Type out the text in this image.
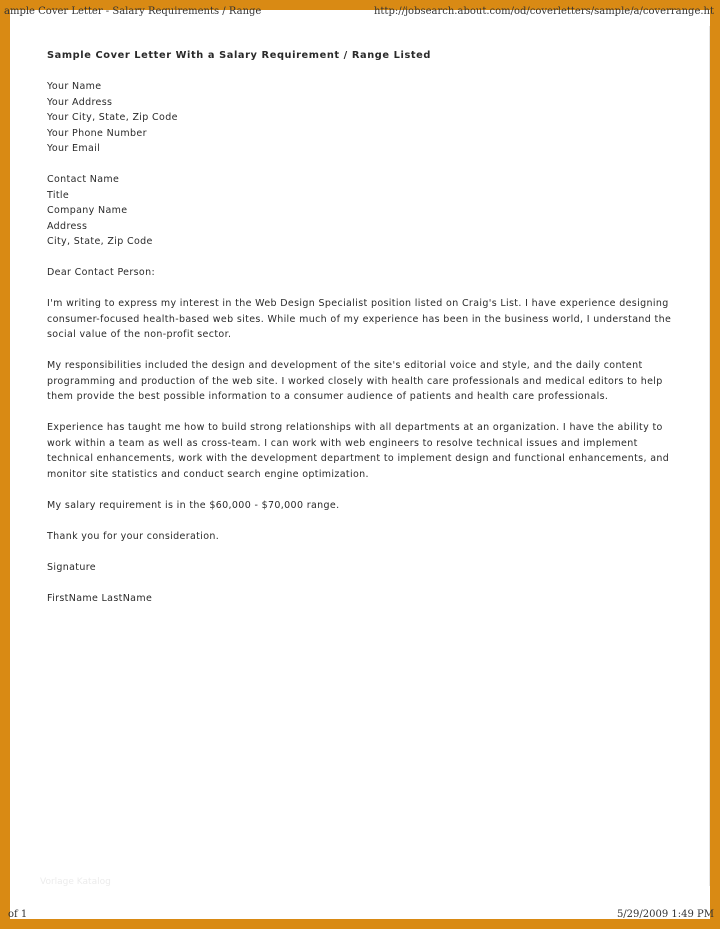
ample Cover Letter - Salary Requirements / Range	http://jobsearch.about.com/od/coverletters/sample/a/coverrange.ht
Sample Cover Letter With a Salary Requirement / Range Listed
Your Name
Your Address
Your City, State, Zip Code
Your Phone Number
Your Email
Contact Name
Title
Company Name
Address
City, State, Zip Code
Dear Contact Person:
I'm writing to express my interest in the Web Design Specialist position listed on Craig's List. I have experience designing consumer-focused health-based web sites. While much of my experience has been in the business world, I understand the social value of the non-profit sector.
My responsibilities included the design and development of the site's editorial voice and style, and the daily content programming and production of the web site. I worked closely with health care professionals and medical editors to help them provide the best possible information to a consumer audience of patients and health care professionals.
Experience has taught me how to build strong relationships with all departments at an organization. I have the ability to work within a team as well as cross-team. I can work with web engineers to resolve technical issues and implement technical enhancements, work with the development department to implement design and functional enhancements, and monitor site statistics and conduct search engine optimization.
My salary requirement is in the $60,000 - $70,000 range.
Thank you for your consideration.
Signature
FirstName LastName
Vorlage Katalog
of 1	5/29/2009 1:49 PM
